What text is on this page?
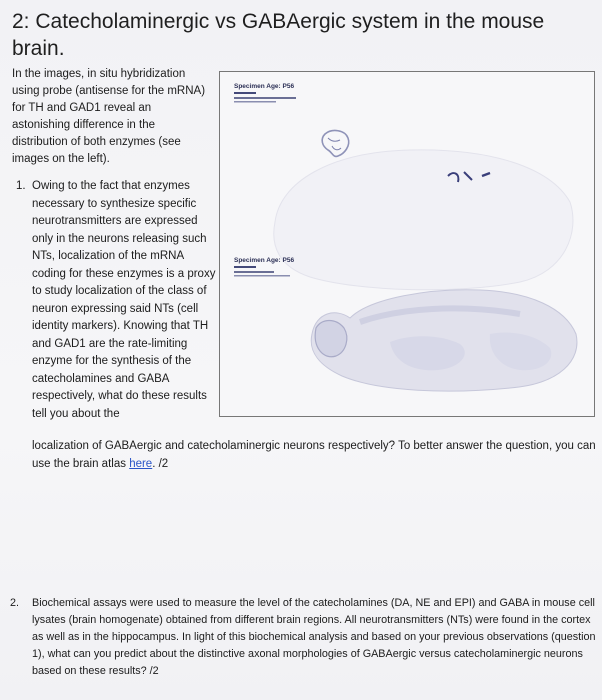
2: Catecholaminergic vs GABAergic system in the mouse brain.
In the images, in situ hybridization using probe (antisense for the mRNA) for TH and GAD1 reveal an astonishing difference in the distribution of both enzymes (see images on the left).
1. Owing to the fact that enzymes necessary to synthesize specific neurotransmitters are expressed only in the neurons releasing such NTs, localization of the mRNA coding for these enzymes is a proxy to study localization of the class of neuron expressing said NTs (cell identity markers). Knowing that TH and GAD1 are the rate-limiting enzyme for the synthesis of the catecholamines and GABA respectively, what do these results tell you about the
localization of GABAergic and catecholaminergic neurons respectively? To better answer the question, you can use the brain atlas here. /2
Specimen Age: P56
Specimen Age: P56
2.	Biochemical assays were used to measure the level of the catecholamines (DA, NE and EPI) and GABA in mouse cell lysates (brain homogenate) obtained from different brain regions. All neurotransmitters (NTs) were found in the cortex as well as in the hippocampus. In light of this biochemical analysis and based on your previous observations (question 1), what can you predict about the distinctive axonal morphologies of GABAergic versus catecholaminergic neurons based on these results? /2
